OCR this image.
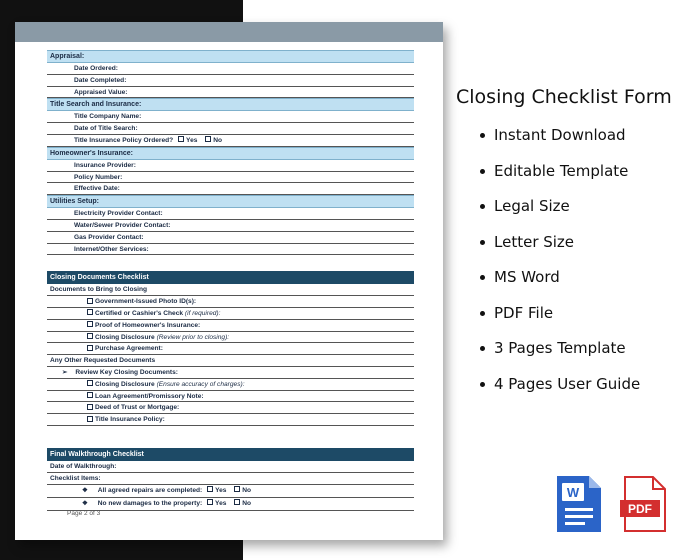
Appraisal:
Date Ordered:
Date Completed:
Appraised Value:
Title Search and Insurance:
Title Company Name:
Date of Title Search:
Title Insurance Policy Ordered? Yes No
Homeowner's Insurance:
Insurance Provider:
Policy Number:
Effective Date:
Utilities Setup:
Electricity Provider Contact:
Water/Sewer Provider Contact:
Gas Provider Contact:
Internet/Other Services:
Closing Documents Checklist
Documents to Bring to Closing
Government-Issued Photo ID(s):
Certified or Cashier's Check (if required):
Proof of Homeowner's Insurance:
Closing Disclosure (Review prior to closing):
Purchase Agreement:
Any Other Requested Documents
➢ Review Key Closing Documents:
Closing Disclosure (Ensure accuracy of charges):
Loan Agreement/Promissory Note:
Deed of Trust or Mortgage:
Title Insurance Policy:
Final Walkthrough Checklist
Date of Walkthrough:
Checklist Items:
❖ All agreed repairs are completed: Yes No
❖ No new damages to the property: Yes No
Page 2 of 3
Closing Checklist Form
Instant Download
Editable Template
Legal Size
Letter Size
MS Word
PDF File
3 Pages Template
4 Pages User Guide
W
PDF
